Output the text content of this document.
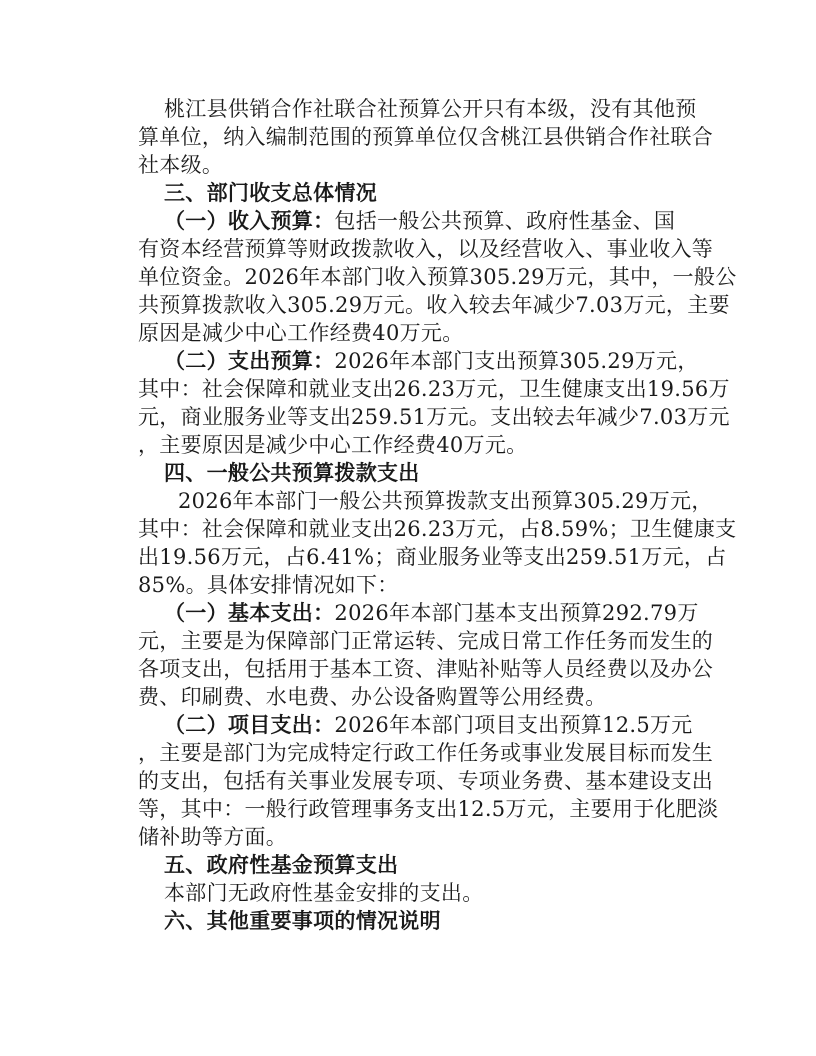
桃江县供销合作社联合社预算公开只有本级，没有其他预
算单位，纳入编制范围的预算单位仅含桃江县供销合作社联合
社本级。
三、部门收支总体情况
（一）收入预算：包括一般公共预算、政府性基金、国
有资本经营预算等财政拨款收入，以及经营收入、事业收入等
单位资金。2026年本部门收入预算305.29万元，其中，一般公
共预算拨款收入305.29万元。收入较去年减少7.03万元，主要
原因是减少中心工作经费40万元。
（二）支出预算：2026年本部门支出预算305.29万元，
其中：社会保障和就业支出26.23万元，卫生健康支出19.56万
元，商业服务业等支出259.51万元。支出较去年减少7.03万元
，主要原因是减少中心工作经费40万元。
四、一般公共预算拨款支出
2026年本部门一般公共预算拨款支出预算305.29万元，
其中：社会保障和就业支出26.23万元，占8.59%；卫生健康支
出19.56万元，占6.41%；商业服务业等支出259.51万元，占
85%。具体安排情况如下：
（一）基本支出：2026年本部门基本支出预算292.79万
元，主要是为保障部门正常运转、完成日常工作任务而发生的
各项支出，包括用于基本工资、津贴补贴等人员经费以及办公
费、印刷费、水电费、办公设备购置等公用经费。
（二）项目支出：2026年本部门项目支出预算12.5万元
，主要是部门为完成特定行政工作任务或事业发展目标而发生
的支出，包括有关事业发展专项、专项业务费、基本建设支出
等，其中：一般行政管理事务支出12.5万元，主要用于化肥淡
储补助等方面。
五、政府性基金预算支出
本部门无政府性基金安排的支出。
六、其他重要事项的情况说明
